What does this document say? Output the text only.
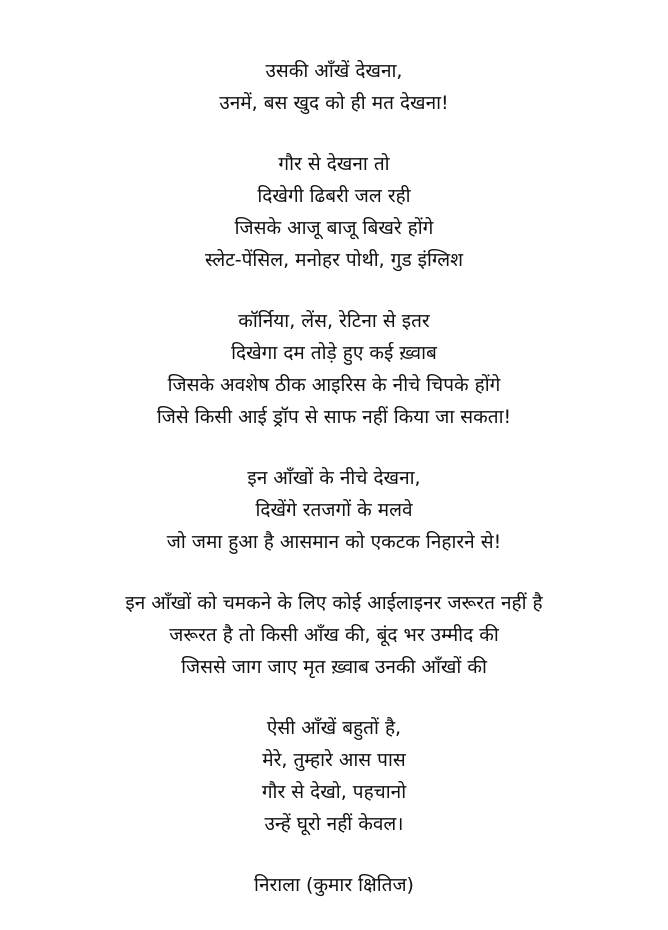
उसकी आँखें देखना,
उनमें, बस खुद को ही मत देखना!
गौर से देखना तो
दिखेगी ढिबरी जल रही
जिसके आजू बाजू बिखरे होंगे
स्लेट-पेंसिल, मनोहर पोथी, गुड इंग्लिश
कॉर्निया, लेंस, रेटिना से इतर
दिखेगा दम तोड़े हुए कई ख़्वाब
जिसके अवशेष ठीक आइरिस के नीचे चिपके होंगे
जिसे किसी आई ड्रॉप से साफ नहीं किया जा सकता!
इन आँखों के नीचे देखना,
दिखेंगे रतजगों के मलवे
जो जमा हुआ है आसमान को एकटक निहारने से!
इन आँखों को चमकने के लिए कोई आईलाइनर जरूरत नहीं है
जरूरत है तो किसी आँख की, बूंद भर उम्मीद की
जिससे जाग जाए मृत ख़्वाब उनकी आँखों की
ऐसी आँखें बहुतों है,
मेरे, तुम्हारे आस पास
गौर से देखो, पहचानो
उन्हें घूरो नहीं केवल।
निराला (कुमार क्षितिज)
